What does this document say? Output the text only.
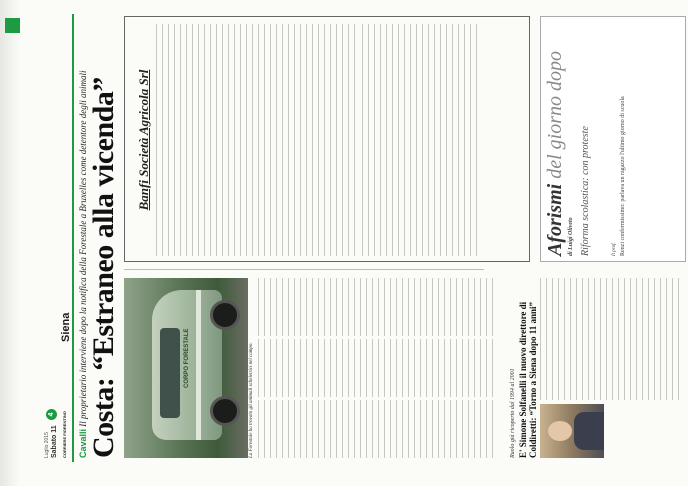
Sabato 11
Luglio 2015
4	CORRIERE FIORENTINO
Siena
Cavalli Il proprietario interviene dopo la notifica della Forestale a Bruxelles come detentore degli animali Costa: “Estraneo alla vicenda”	CORPO FORESTALE	La Forestale ha trovato gli animali scheletrici nel campo.
Banfi Società Agricola Srl
Ruolo già ricoperto dal 1994 al 2001 E' Simone Solfanelli il nuovo direttore di Coldiretti: “Torno a Siena dopo 11 anni”
Aforismi del giorno dopo
di Luigi Oliveto Riforma scolastica: con proteste	Il prof. Renzi confermissimo: parlava un ragazzo l'ultimo giorno di scuola
